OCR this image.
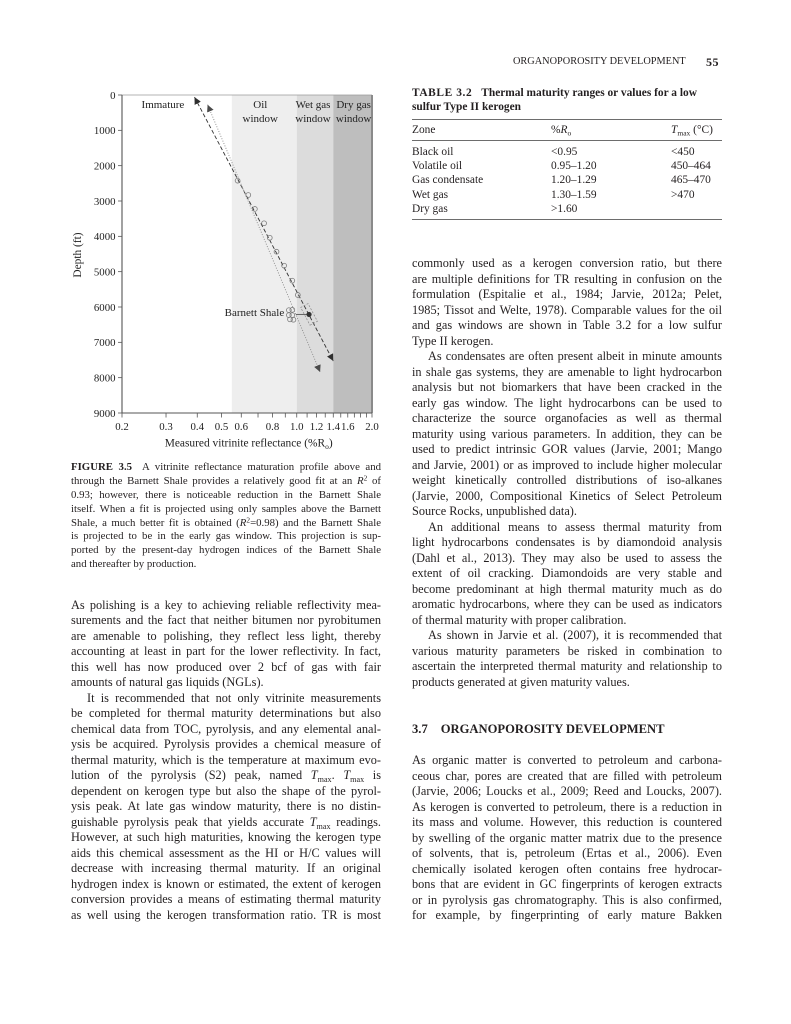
ORGANOPOROSITY DEVELOPMENT 55
0
1000
2000
3000
4000
5000
6000
7000
8000
9000
0.2	0.3 0.4 0.5 0.6 0.8 1.0 1.2 1.4 1.6 2.0
Measured vitrinite reflectance $(\%R_o)$
Depth (ft)
Immature	Oil
window
Wet gas
window
Dry gas
window
Barnett Shale
FIGURE 3.5 A vitrinite reflectance maturation profile above and
through the Barnett Shale provides a relatively good fit at an $R^2$ of
0.93; however, there is noticeable reduction in the Barnett Shale
itself. When a fit is projected using only samples above the Barnett
Shale, a much better fit is obtained $(R^2=0.98)$ and the Barnett Shale
is projected to be in the early gas window. This projection is sup-
ported by the present-day hydrogen indices of the Barnett Shale
and thereafter by production.
As polishing is a key to achieving reliable reflectivity mea-
surements and the fact that neither bitumen nor pyrobitumen
are amenable to polishing, they reflect less light, thereby
accounting at least in part for the lower reflectivity. In fact,
this well has now produced over 2 bcf of gas with fair
amounts of natural gas liquids (NGLs).
It is recommended that not only vitrinite measurements
be completed for thermal maturity determinations but also
chemical data from TOC, pyrolysis, and any elemental anal-
ysis be acquired. Pyrolysis provides a chemical measure of
thermal maturity, which is the temperature at maximum evo-
lution of the pyrolysis (S2) peak, named $T_{max}$. $T_{max}$ is
dependent on kerogen type but also the shape of the pyrol-
ysis peak. At late gas window maturity, there is no distin-
guishable pyrolysis peak that yields accurate $T_{max}$ readings.
However, at such high maturities, knowing the kerogen type
aids this chemical assessment as the HI or H/C values will
decrease with increasing therm​al maturity. If an original
hydrogen index is known or estimated, the extent of kerogen
conversion provides a means of estimating thermal maturity
as well using the kerogen transformation ratio. TR is most
TABLE 3.2 Thermal maturity ranges or values for a low
sulfur Type II kerogen
Zone	$\%R_o$	$T_{max}$ (°C)
Black oil	<0.95	<450
Volatile oil	0.95–1.20	450–464
Gas condensate	1.20–1.29	465–470
Wet gas	1.30–1.59	>470
Dry gas	>1.60
commonly used as a kerogen conversion ratio, but there
are multiple definitions for TR resulting in confusion on the
formulation (Espitalie et al., 1984; Jarvie, 2012a; Pelet,
1985; Tissot and Welte, 1978). Comparable values for the oil
and gas windows are shown in Table 3.2 for a low sulfur
Type II kerogen.
As condensates are often present albeit in minute amounts
in shale gas systems, they are amenable to light hydrocarbon
analysis but not biomarkers that have been cracked in the
early gas window. The light hydrocarbons can be used to
characterize the source organofacies as well as thermal
maturity using various parameters. In addition, they can be
used to predict intrinsic GOR values (Jarvie, 2001; Mango
and Jarvie, 2001) or as improved to include higher molecular
weight kinetically controlled distributions of iso-alkanes
(Jarvie, 2000, Compositional Kinetics of Select Petroleum
Source Rocks, unpublished data).
An additional means to assess thermal maturity from
light hydrocarbons condensates is by diamondoid analysis
(Dahl et al., 2013). They may also be used to assess the
extent of oil cracking. Diamondoids are very stable and
become predominant at high thermal maturity much as do
aromatic hydrocarbons, where they can be used as indicators
of thermal maturity with proper calibration.
As shown in Jarvie et al. (2007), it is recommended that
various maturity parameters be risked in combination to
ascertain the interpreted thermal maturity and relationship to
products generated at given maturity values.
3.7 ORGANOPOROSITY DEVELOPMENT
As organic matter is converted to petroleum and carbona-
ceous char, pores are created that are filled with petroleum
(Jarvie, 2006; Loucks et al., 2009; Reed and Loucks, 2007).
As kerogen is converted to petroleum, there is a reduction in
its mass and volume. However, this reduction is countered
by swelling of the organic matter matrix due to the presence
of solvents, that is, petroleum (Ertas et al., 2006). Even
chemically isolated kerogen often contains free hydrocar-
bons that are evident in GC fingerprints of kerogen extracts
or in pyrolysis gas chromatography. This is also confirmed,
for example, by fingerprinting of early mature Bakken
